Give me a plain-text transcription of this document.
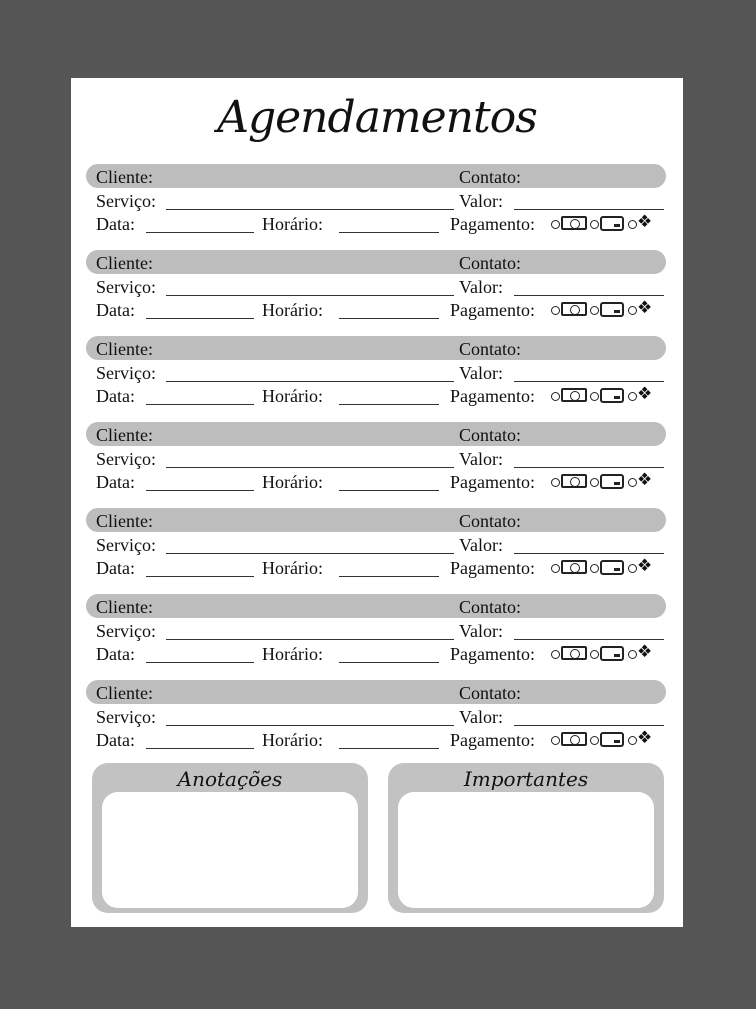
Agendamentos
Cliente:	Contato:
Serviço:	Valor:
Data:	Horário:	Pagamento:	❖
Cliente:	Contato:
Serviço:	Valor:
Data:	Horário:	Pagamento:	❖
Cliente:	Contato:
Serviço:	Valor:
Data:	Horário:	Pagamento:	❖
Cliente:	Contato:
Serviço:	Valor:
Data:	Horário:	Pagamento:	❖
Cliente:	Contato:
Serviço:	Valor:
Data:	Horário:	Pagamento:	❖
Cliente:	Contato:
Serviço:	Valor:
Data:	Horário:	Pagamento:	❖
Cliente:	Contato:
Serviço:	Valor:
Data:	Horário:	Pagamento:	❖
Anotações	Importantes
